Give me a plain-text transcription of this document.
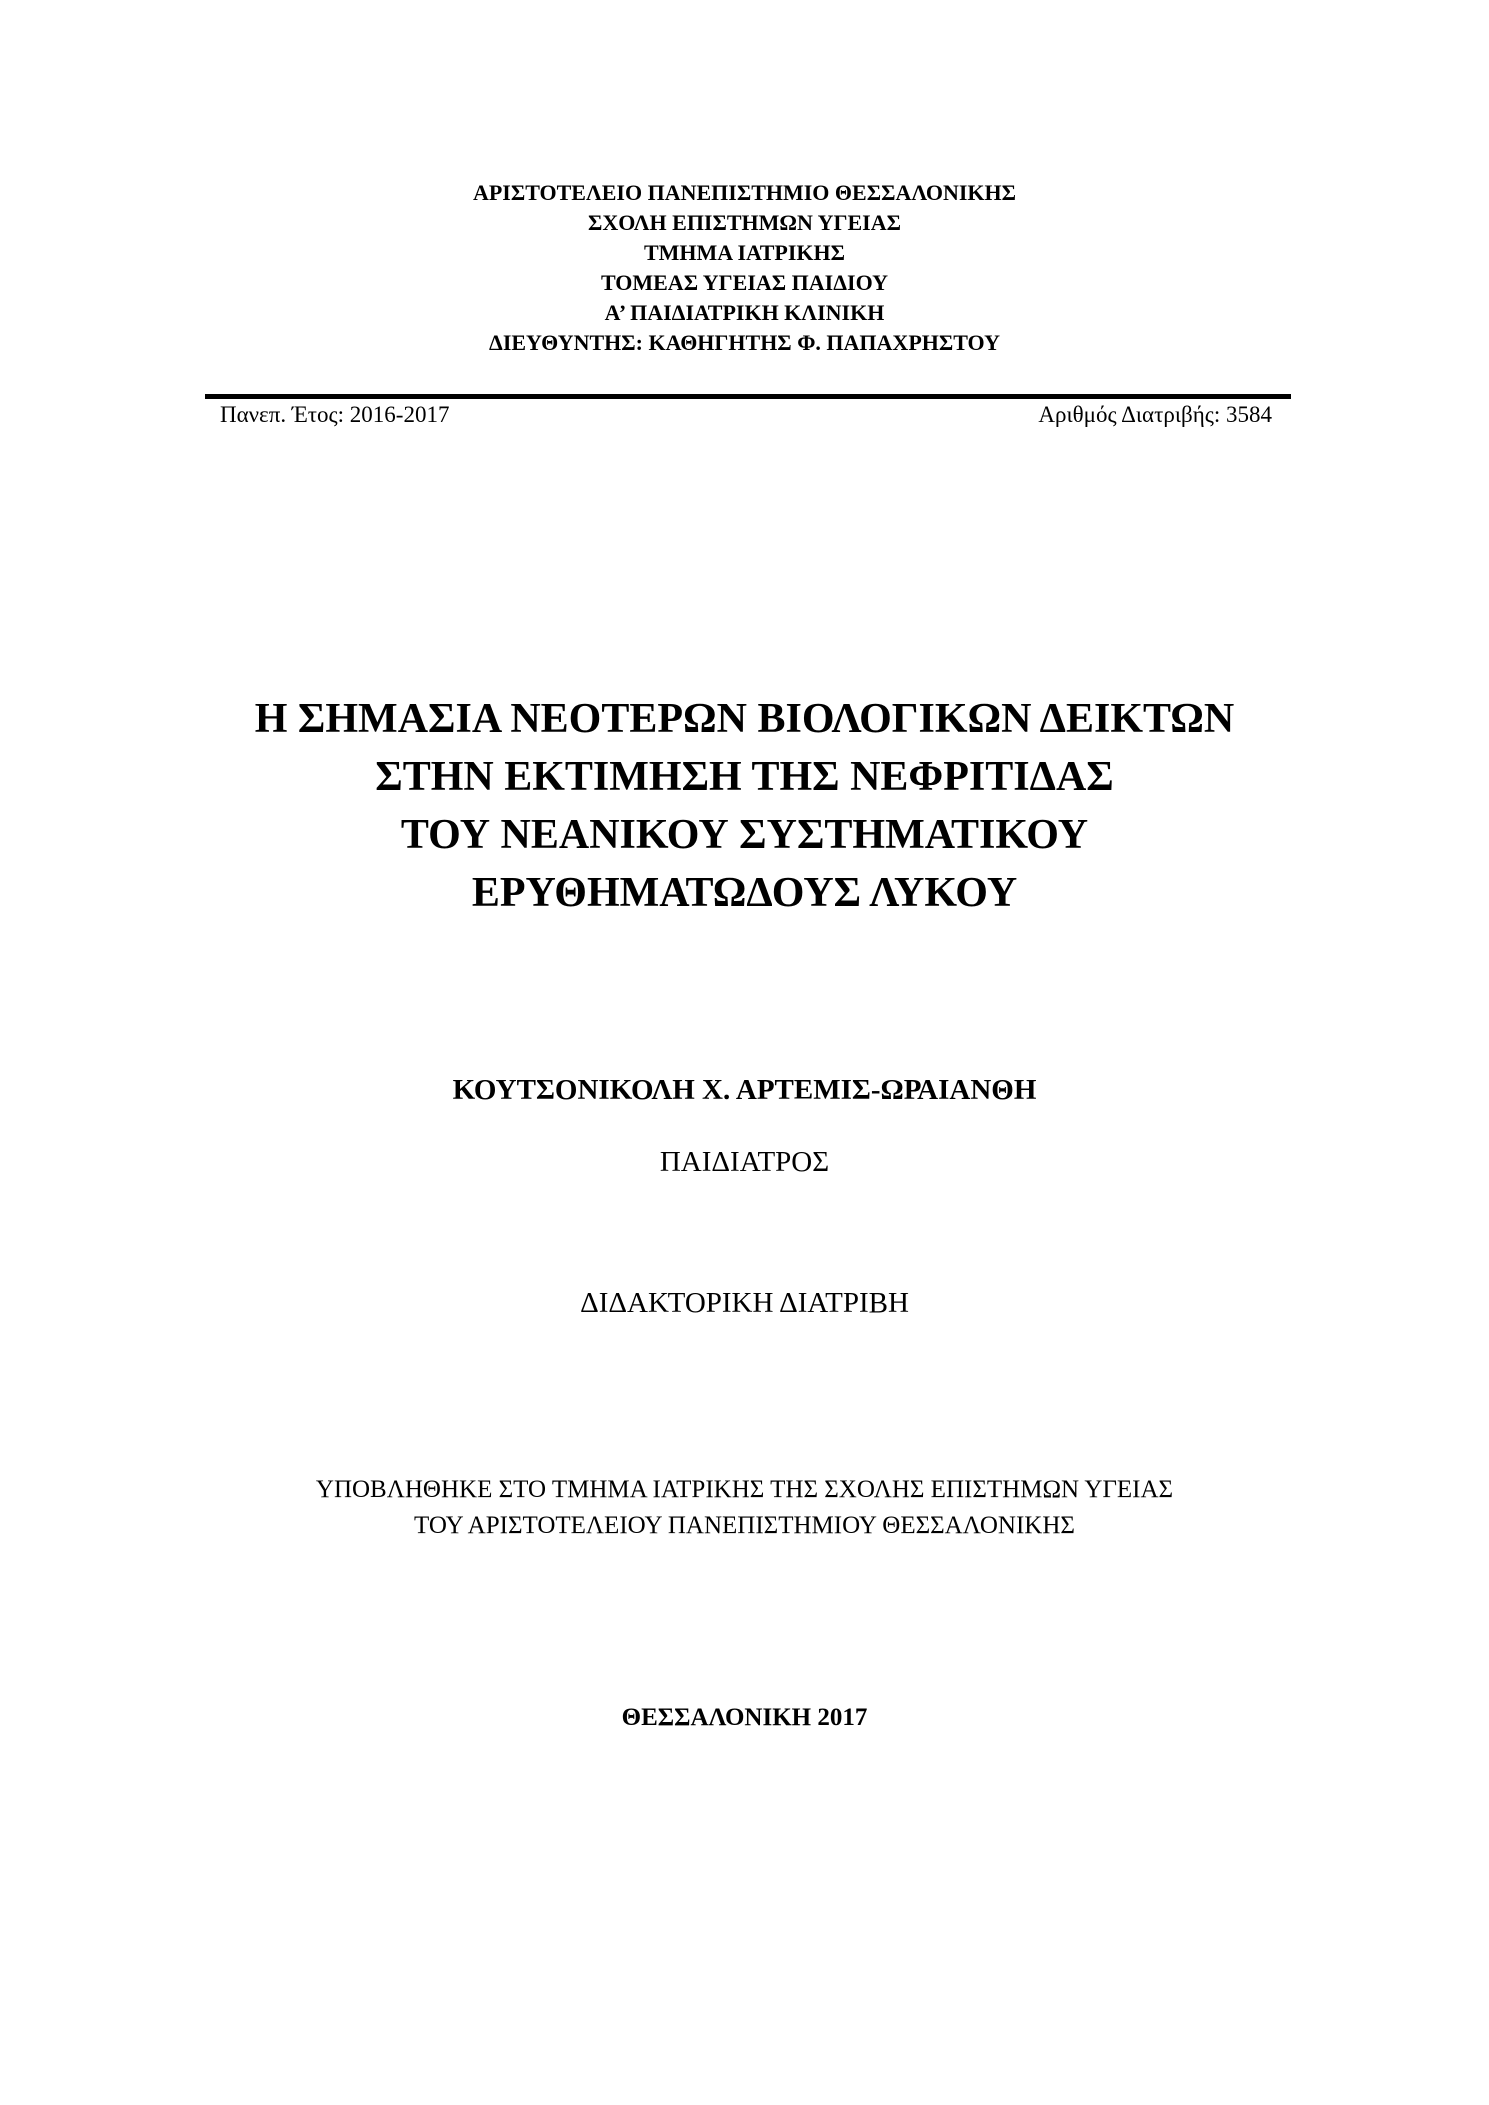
ΑΡΙΣΤΟΤΕΛΕΙΟ ΠΑΝΕΠΙΣΤΗΜΙΟ ΘΕΣΣΑΛΟΝΙΚΗΣ
ΣΧΟΛΗ ΕΠΙΣΤΗΜΩΝ ΥΓΕΙΑΣ
ΤΜΗΜΑ ΙΑΤΡΙΚΗΣ
ΤΟΜΕΑΣ ΥΓΕΙΑΣ ΠΑΙΔΙΟΥ
Α’ ΠΑΙΔΙΑΤΡΙΚΗ ΚΛΙΝΙΚΗ
ΔΙΕΥΘΥΝΤΗΣ: ΚΑΘΗΓΗΤΗΣ Φ. ΠΑΠΑΧΡΗΣΤΟΥ
Πανεπ. Έτος: 2016-2017	Αριθμός Διατριβής: 3584
Η ΣΗΜΑΣΙΑ ΝΕΟΤΕΡΩΝ ΒΙΟΛΟΓΙΚΩΝ ΔΕΙΚΤΩΝ
ΣΤΗΝ ΕΚΤΙΜΗΣΗ ΤΗΣ ΝΕΦΡΙΤΙΔΑΣ
ΤΟΥ ΝΕΑΝΙΚΟΥ ΣΥΣΤΗΜΑΤΙΚΟΥ
ΕΡΥΘΗΜΑΤΩΔΟΥΣ ΛΥΚΟΥ
ΚΟΥΤΣΟΝΙΚΟΛΗ Χ. ΑΡΤΕΜΙΣ-ΩΡΑΙΑΝΘΗ
ΠΑΙΔΙΑΤΡΟΣ
ΔΙΔΑΚΤΟΡΙΚΗ ΔΙΑΤΡΙΒΗ
ΥΠΟΒΛΗΘΗΚΕ ΣΤΟ ΤΜΗΜΑ ΙΑΤΡΙΚΗΣ ΤΗΣ ΣΧΟΛΗΣ ΕΠΙΣΤΗΜΩΝ ΥΓΕΙΑΣ
ΤΟΥ ΑΡΙΣΤΟΤΕΛΕΙΟΥ ΠΑΝΕΠΙΣΤΗΜΙΟΥ ΘΕΣΣΑΛΟΝΙΚΗΣ
ΘΕΣΣΑΛΟΝΙΚΗ 2017
